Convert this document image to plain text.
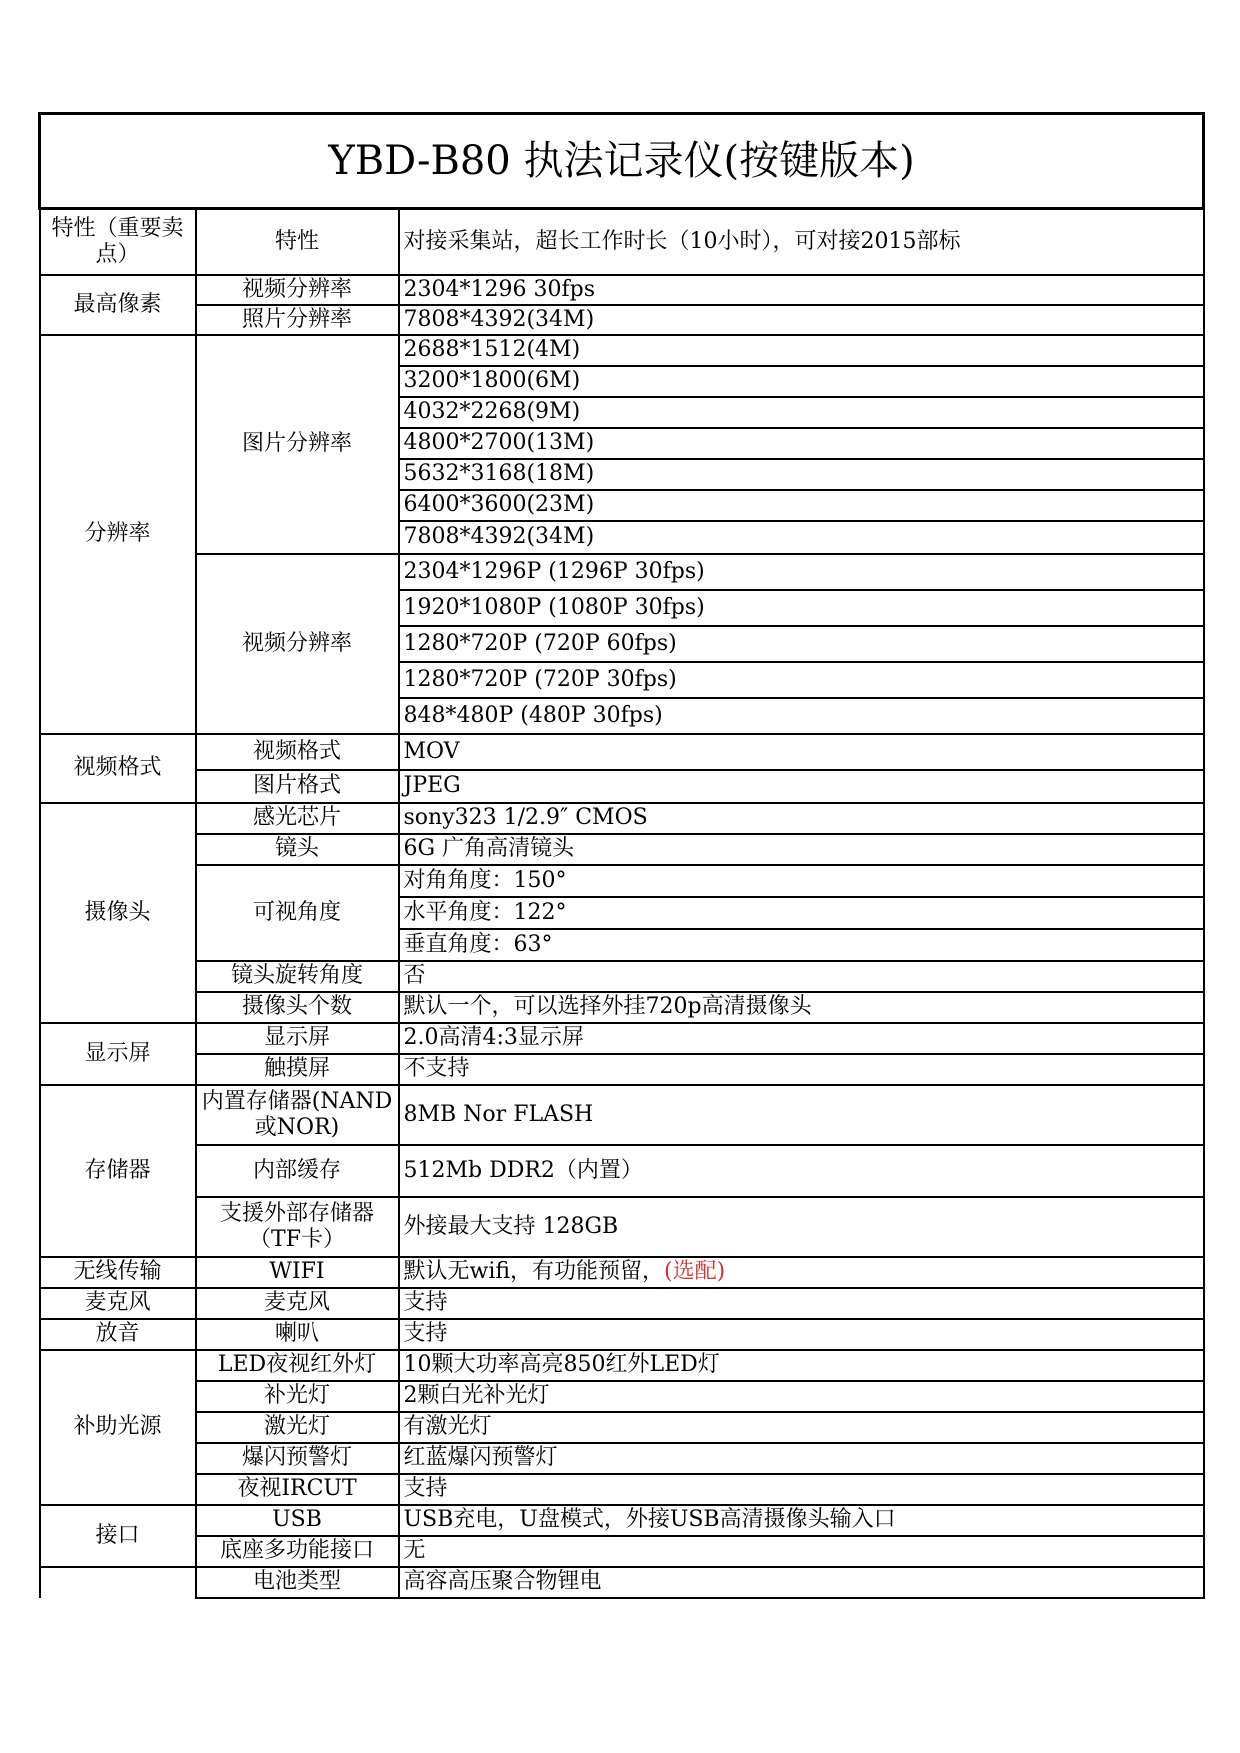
YBD-B80 执法记录仪(按键版本)		
特性（重要卖点）	特性	对接采集站，超长工作时长（10小时），可对接2015部标
最高像素	视频分辨率	2304*1296 30fps
	照片分辨率	7808*4392(34M)
分辨率	图片分辨率	2688*1512(4M)
		3200*1800(6M)
		4032*2268(9M)
		4800*2700(13M)
		5632*3168(18M)
		6400*3600(23M)
		7808*4392(34M)
	视频分辨率	2304*1296P (1296P 30fps)
		1920*1080P (1080P 30fps)
		1280*720P (720P 60fps)
		1280*720P (720P 30fps)
		848*480P (480P 30fps)
视频格式	视频格式	MOV
	图片格式	JPEG
摄像头	感光芯片	sony323 1/2.9″ CMOS
	镜头	6G 广角高清镜头
	可视角度	对角角度：150°
		水平角度：122°
		垂直角度：63°
	镜头旋转角度	否
	摄像头个数	默认一个，可以选择外挂720p高清摄像头
显示屏	显示屏	2.0高清4:3显示屏
	触摸屏	不支持
存储器	内置存储器(NAND或NOR)	8MB Nor FLASH
	内部缓存	512Mb DDR2（内置）
	支援外部存储器（TF卡）	外接最大支持 128GB
无线传输	WIFI	默认无wifi，有功能预留，(选配)
麦克风	麦克风	支持
放音	喇叭	支持
补助光源	LED夜视红外灯	10颗大功率高亮850红外LED灯
	补光灯	2颗白光补光灯
	激光灯	有激光灯
	爆闪预警灯	红蓝爆闪预警灯
	夜视IRCUT	支持
接口	USB	USB充电，U盘模式，外接USB高清摄像头输入口
	底座多功能接口	无
	电池类型	高容高压聚合物锂电
